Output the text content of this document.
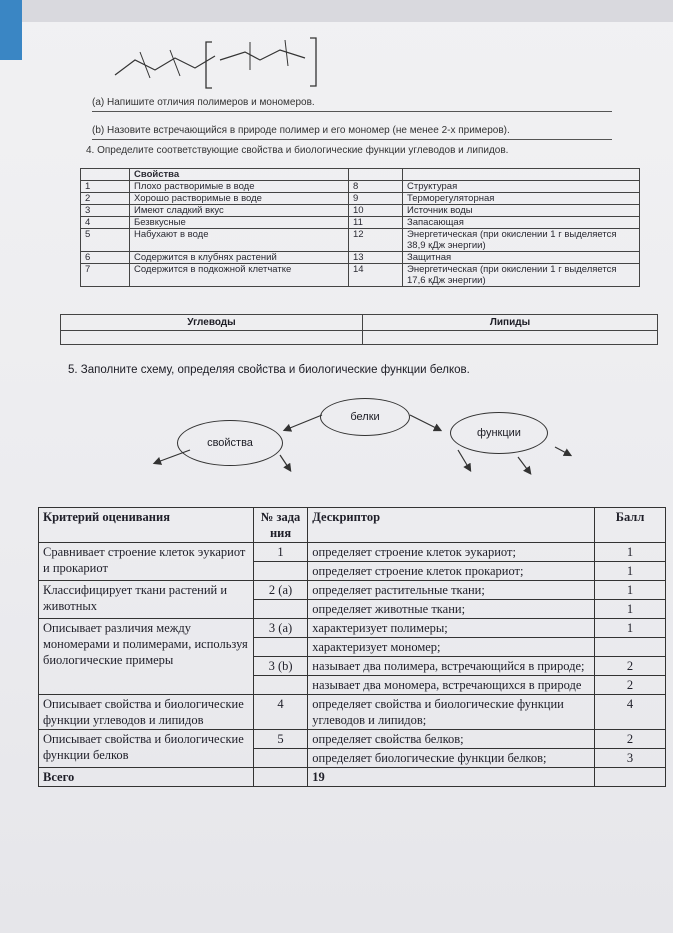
(а) Напишите отличия полимеров и мономеров.
(b) Назовите встречающийся в природе полимер и его мономер (не менее 2-х примеров).
4. Определите соответствующие свойства и биологические функции углеводов и липидов.
	Свойства		
1	Плохо растворимые в воде	8	Структурая
2	Хорошо растворимые в воде	9	Терморегуляторная
3	Имеют сладкий вкус	10	Источник воды
4	Безвкусные	11	Запасающая
5	Набухают в воде	12	Энергетическая (при окислении 1 г выделяется 38,9 кДж энергии)
6	Содержится в клубнях растений	13	Защитная
7	Содержится в подкожной клетчатке	14	Энергетическая (при окислении 1 г выделяется 17,6 кДж энергии)
Углеводы	Липиды

5. Заполните схему, определяя свойства и биологические функции белков.
белки
свойства
функции
Критерий оценивания	№ зада ния	Дескриптор	Балл
Сравнивает строение клеток эукариот и прокариот	1	определяет строение клеток эукариот;	1
		определяет строение клеток прокариот;	1
Классифицирует ткани растений и животных	2 (а)	определяет растительные ткани;	1
		определяет животные ткани;	1
Описывает различия между мономерами и полимерами, используя биологические примеры	3 (а)	характеризует полимеры;	1
		характеризует мономер;	
	3 (b)	называет два полимера, встречающийся в природе;	2
		называет два мономера, встречающихся в природе	2
Описывает свойства и биологические функции углеводов и липидов	4	определяет свойства и биологические функции углеводов и липидов;	4
Описывает свойства и биологические функции белков	5	определяет свойства белков;	2
		определяет биологические функции белков;	3
Всего		19	
